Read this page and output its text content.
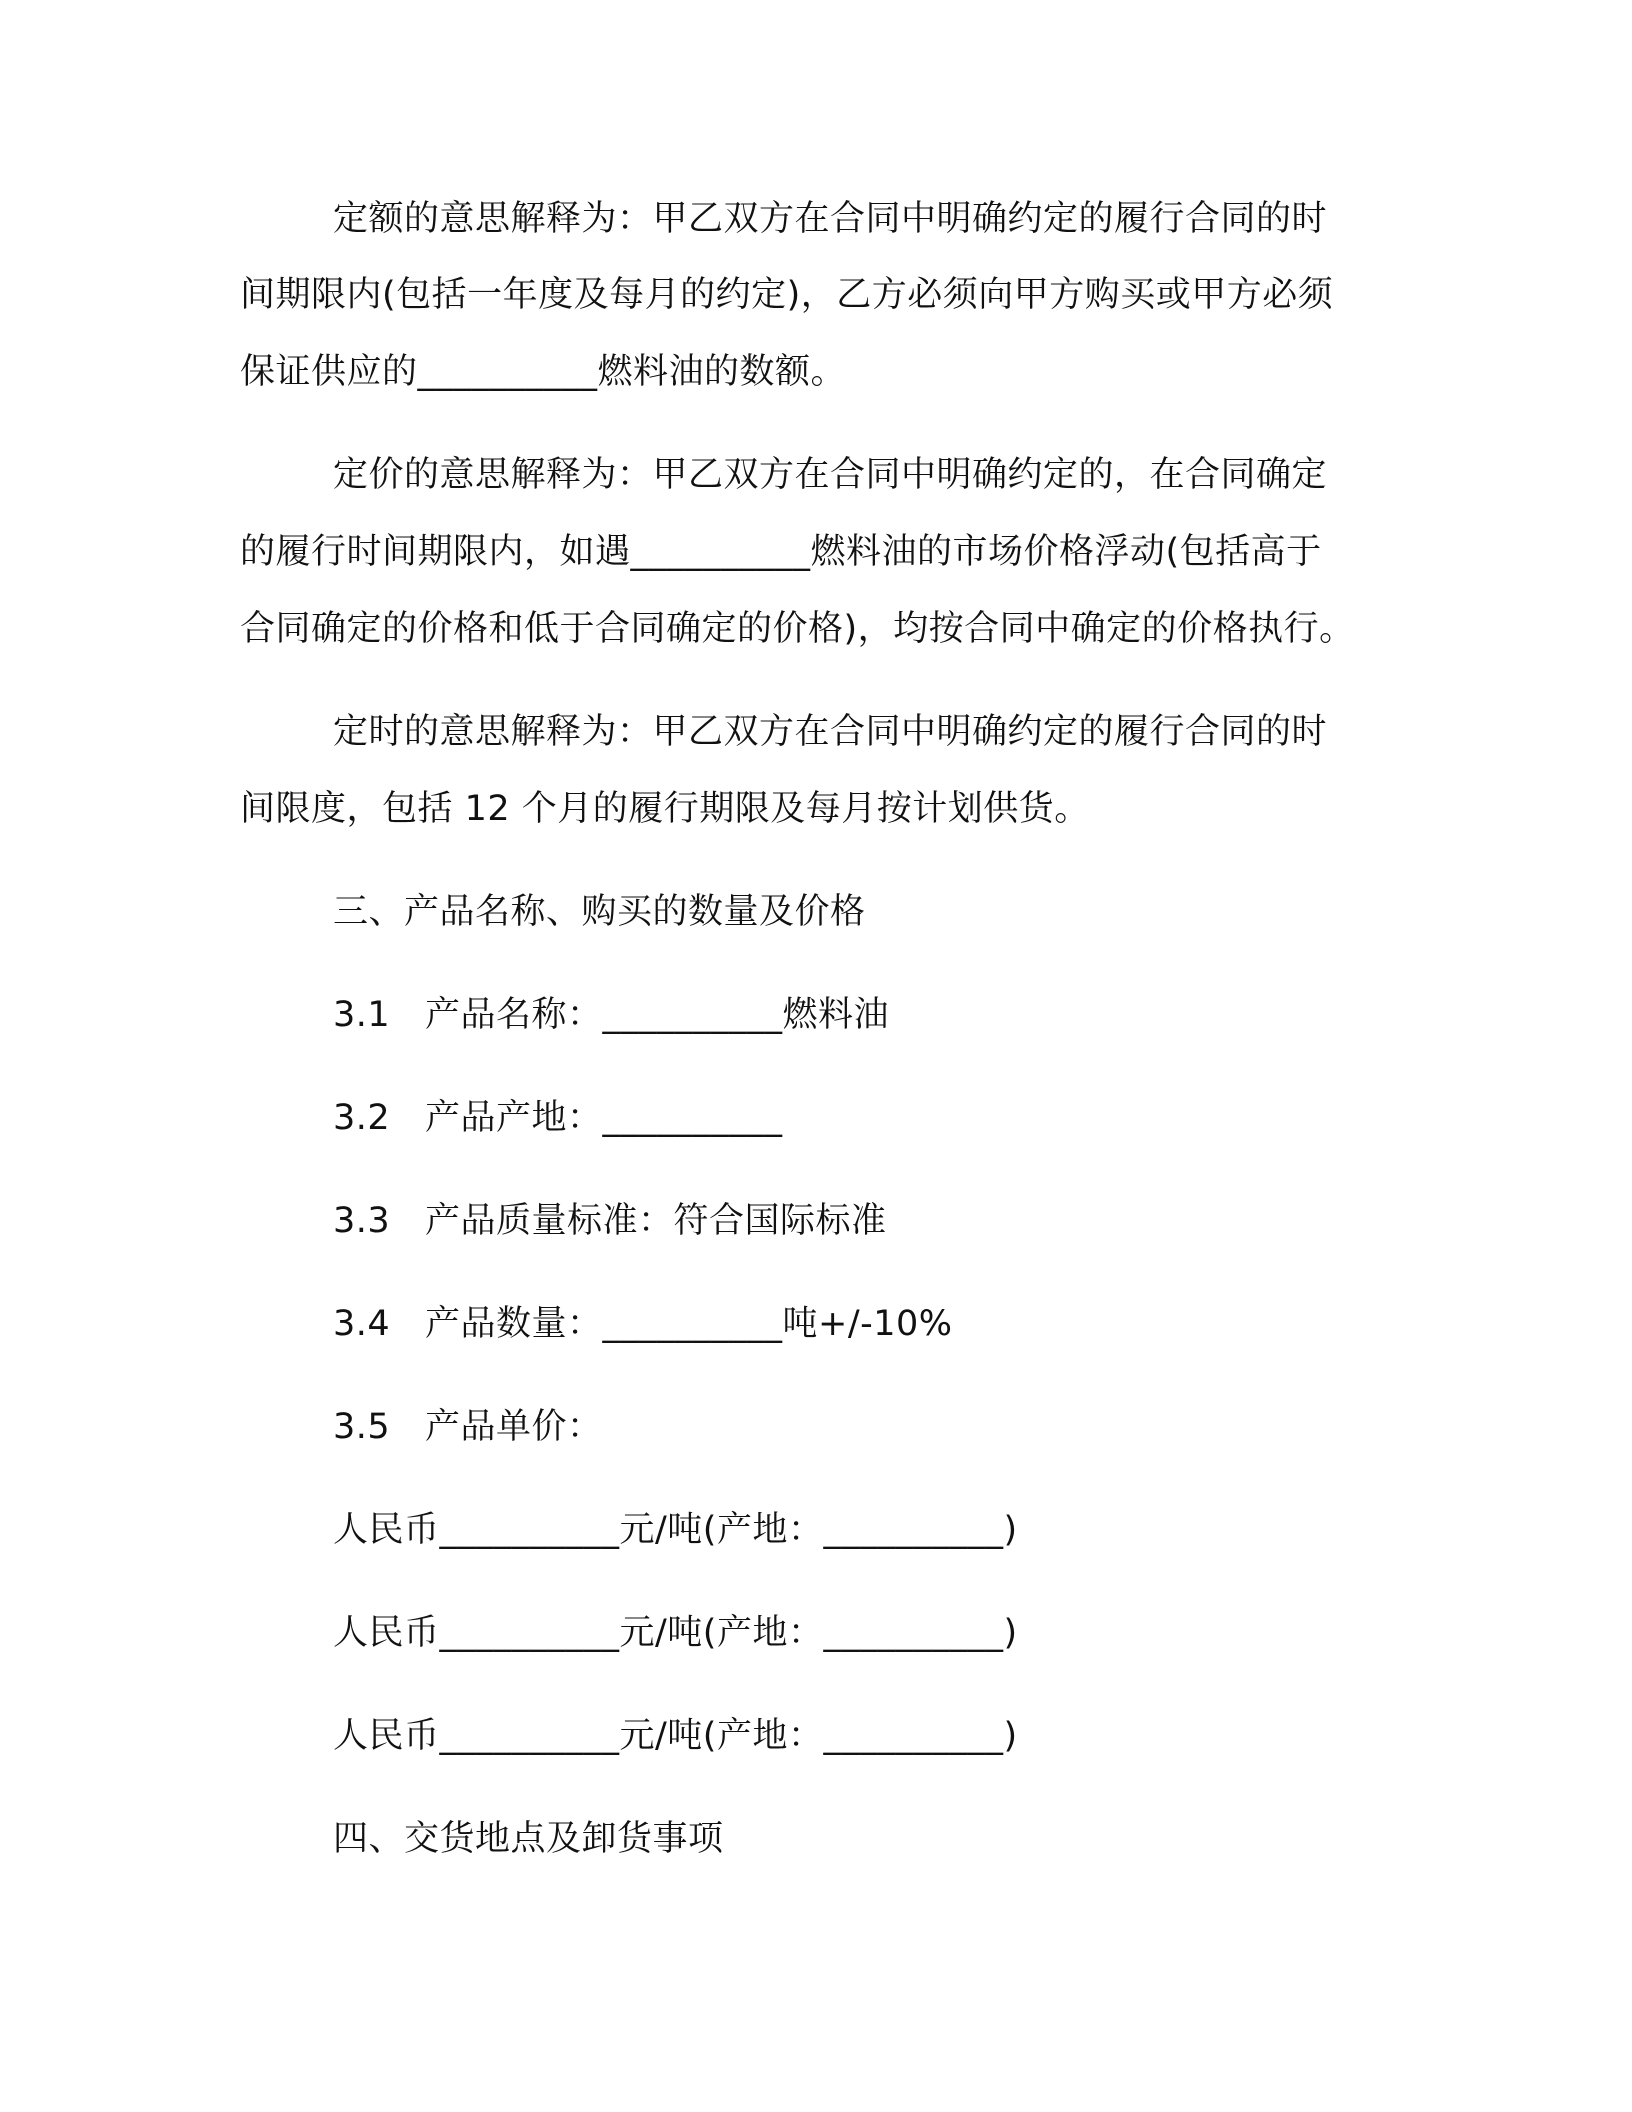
定额的意思解释为：甲乙双方在合同中明确约定的履行合同的时
间期限内(包括一年度及每月的约定)，乙方必须向甲方购买或甲方必须
保证供应的__________燃料油的数额。
定价的意思解释为：甲乙双方在合同中明确约定的，在合同确定
的履行时间期限内，如遇__________燃料油的市场价格浮动(包括高于
合同确定的价格和低于合同确定的价格)，均按合同中确定的价格执行。
定时的意思解释为：甲乙双方在合同中明确约定的履行合同的时
间限度，包括 12 个月的履行期限及每月按计划供货。
三、产品名称、购买的数量及价格
3.1 产品名称：__________燃料油
3.2 产品产地：__________
3.3 产品质量标准：符合国际标准
3.4 产品数量：__________吨+/-10%
3.5 产品单价：
人民币__________元/吨(产地：__________)
人民币__________元/吨(产地：__________)
人民币__________元/吨(产地：__________)
四、交货地点及卸货事项
